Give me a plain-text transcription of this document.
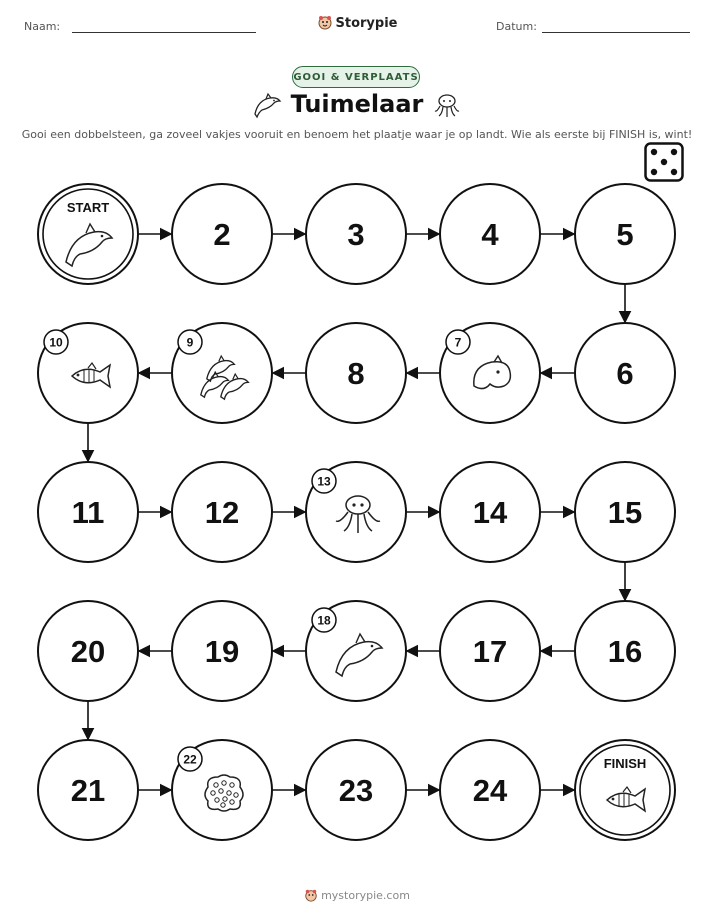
Naam:	Storypie	Datum:
GOOI & VERPLAATS
Tuimelaar
Gooi een dobbelsteen, ga zoveel vakjes vooruit en benoem het plaatje waar je op landt. Wie als eerste bij FINISH is, wint!
START
2	3	4	5
6
7
8
9
10
11	12
13
14	15
16
17
18
19
20
21
22
23	24
FINISH
mystorypie.com
